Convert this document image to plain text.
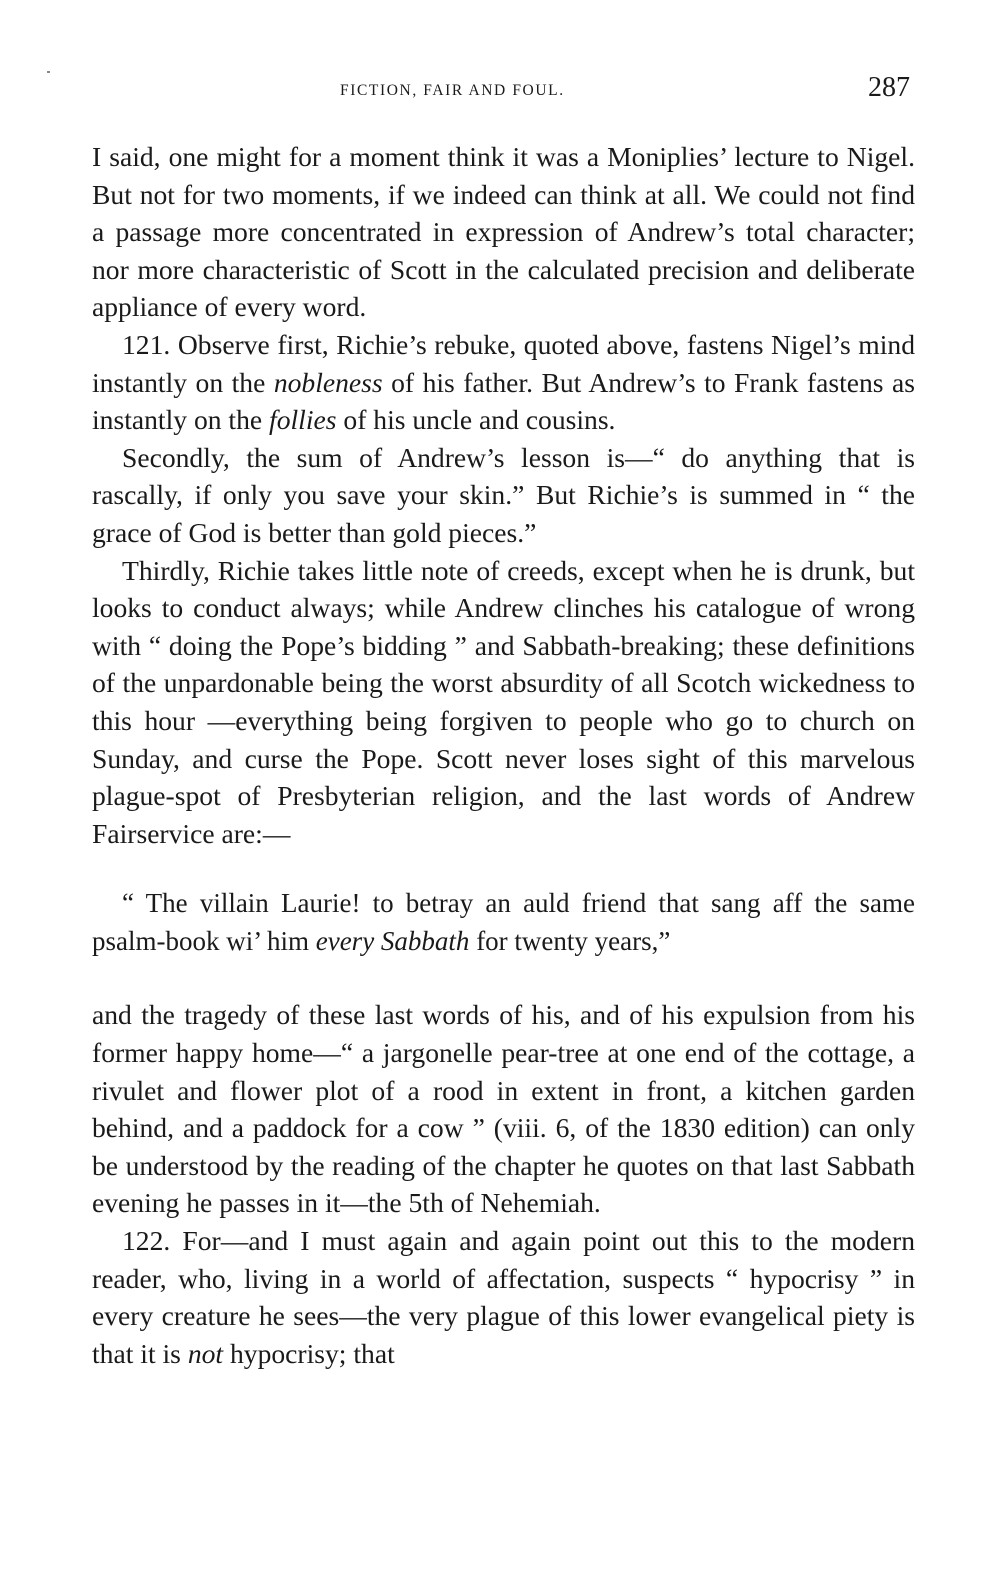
FICTION, FAIR AND FOUL.	287

I said, one might for a moment think it was a Moniplies’ lecture to Nigel. But not for two moments, if we indeed can think at all. We could not find a passage more concentrated in expression of Andrew’s total character; nor more characteristic of Scott in the calculated precision and deliberate appliance of every word.

121. Observe first, Richie’s rebuke, quoted above, fastens Nigel’s mind instantly on the nobleness of his father. But Andrew’s to Frank fastens as instantly on the follies of his uncle and cousins.

Secondly, the sum of Andrew’s lesson is—“ do anything that is rascally, if only you save your skin.” But Richie’s is summed in “ the grace of God is better than gold pieces.”

Thirdly, Richie takes little note of creeds, except when he is drunk, but looks to conduct always; while Andrew clinches his catalogue of wrong with “ doing the Pope’s bidding ” and Sabbath-breaking; these definitions of the unpardonable being the worst absurdity of all Scotch wickedness to this hour —everything being forgiven to people who go to church on Sunday, and curse the Pope. Scott never loses sight of this marvelous plague-spot of Presbyterian religion, and the last words of Andrew Fairservice are:—

“ The villain Laurie! to betray an auld friend that sang aff the same psalm-book wi’ him every Sabbath for twenty years,”

and the tragedy of these last words of his, and of his expulsion from his former happy home—“ a jargonelle pear-tree at one end of the cottage, a rivulet and flower plot of a rood in extent in front, a kitchen garden behind, and a paddock for a cow ” (viii. 6, of the 1830 edition) can only be understood by the reading of the chapter he quotes on that last Sabbath evening he passes in it—the 5th of Nehemiah.

122. For—and I must again and again point out this to the modern reader, who, living in a world of affectation, suspects “ hypocrisy ” in every creature he sees—the very plague of this lower evangelical piety is that it is not hypocrisy; that
